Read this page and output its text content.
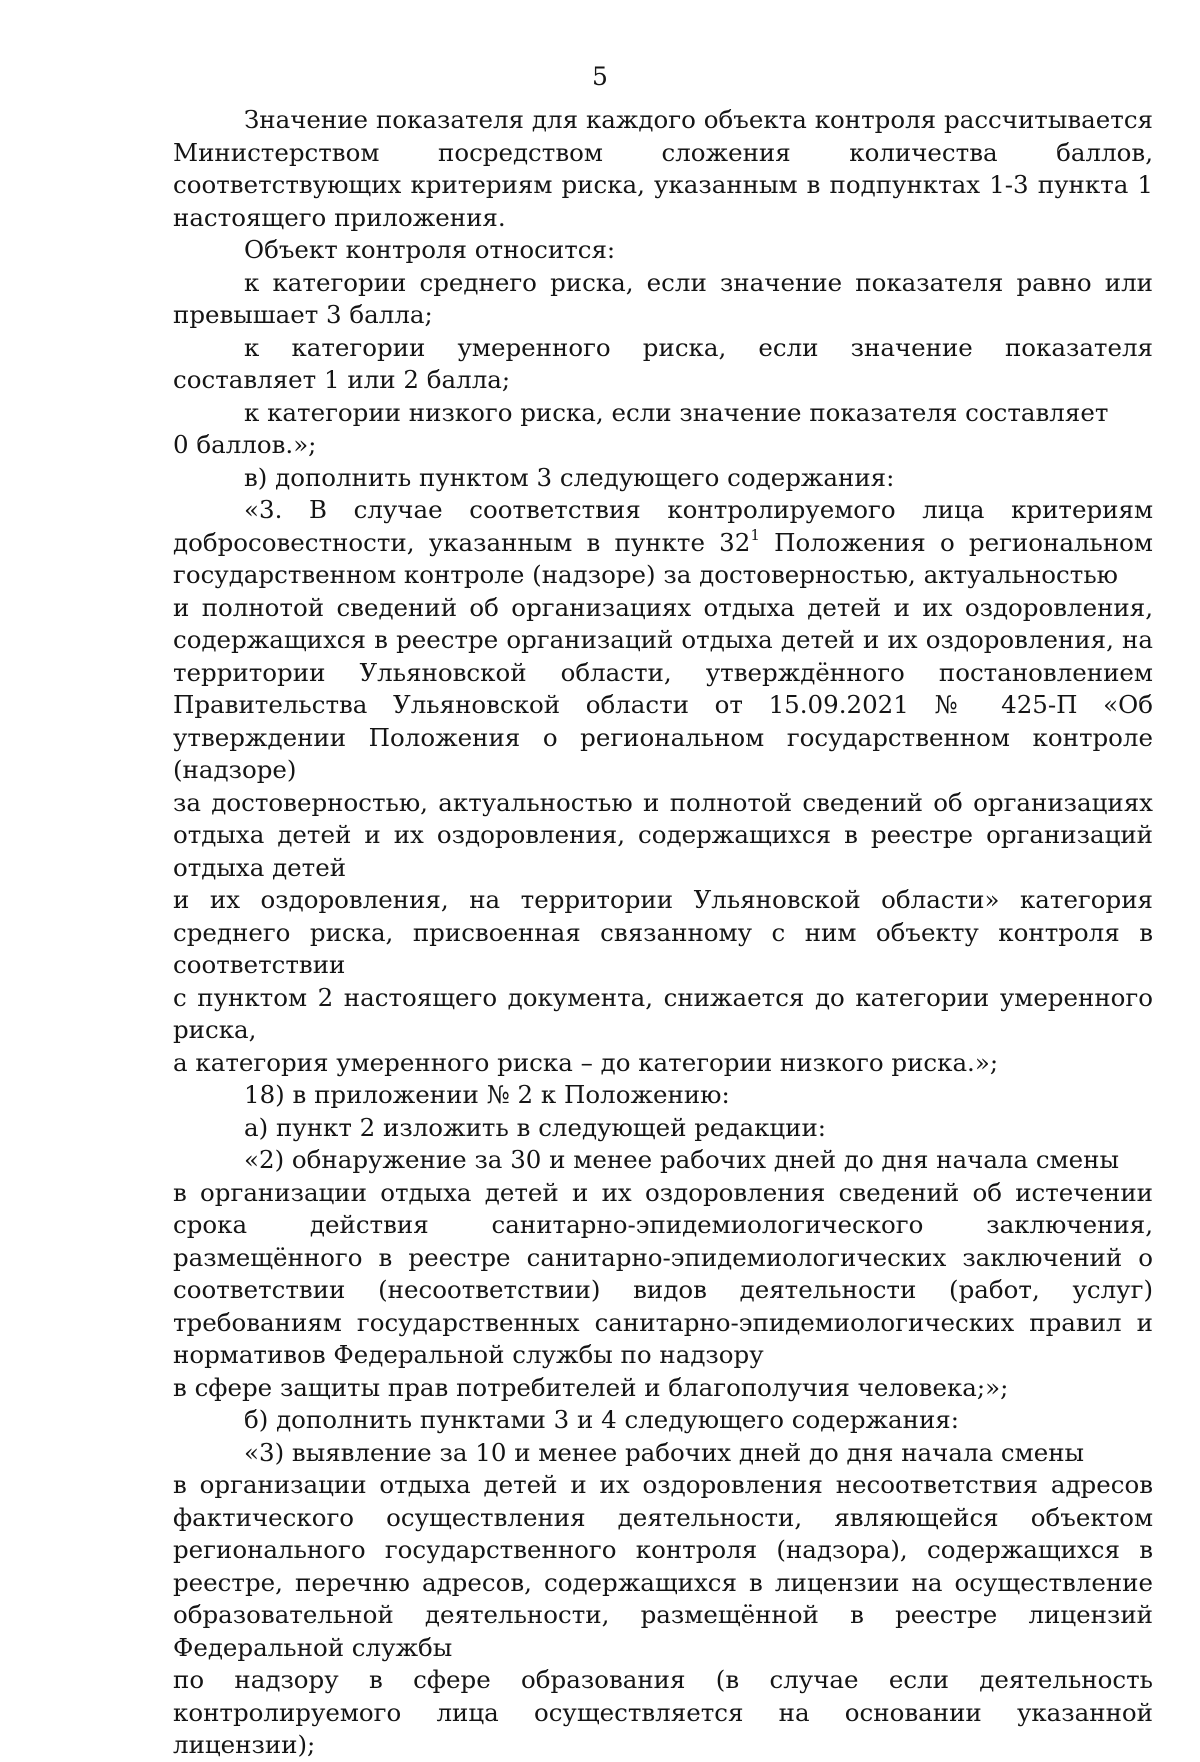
5

Значение показателя для каждого объекта контроля рассчитывается Министерством посредством сложения количества баллов, соответствующих критериям риска, указанным в подпунктах 1-3 пункта 1 настоящего приложения.

Объект контроля относится:

к категории среднего риска, если значение показателя равно или превышает 3 балла;

к категории умеренного риска, если значение показателя составляет 1 или 2 балла;

к категории низкого риска, если значение показателя составляет
0 баллов.»;

в) дополнить пунктом 3 следующего содержания:

«3. В случае соответствия контролируемого лица критериям добросовестности, указанным в пункте 32$^1$ Положения о региональном государственном контроле (надзоре) за достоверностью, актуальностью
и полнотой сведений об организациях отдыха детей и их оздоровления, содержащихся в реестре организаций отдыха детей и их оздоровления, на территории Ульяновской области, утверждённого постановлением Правительства Ульяновской области от 15.09.2021 № 425-П «Об утверждении Положения о региональном государственном контроле (надзоре)
за достоверностью, актуальностью и полнотой сведений об организациях отдыха детей и их оздоровления, содержащихся в реестре организаций отдыха детей
и их оздоровления, на территории Ульяновской области» категория среднего риска, присвоенная связанному с ним объекту контроля в соответствии
с пунктом 2 настоящего документа, снижается до категории умеренного риска,
а категория умеренного риска – до категории низкого риска.»;

18) в приложении № 2 к Положению:

а) пункт 2 изложить в следующей редакции:

«2) обнаружение за 30 и менее рабочих дней до дня начала смены
в организации отдыха детей и их оздоровления сведений об истечении срока действия санитарно-эпидемиологического заключения, размещённого в реестре санитарно-эпидемиологических заключений о соответствии (несоответствии) видов деятельности (работ, услуг) требованиям государственных санитарно-эпидемиологических правил и нормативов Федеральной службы по надзору
в сфере защиты прав потребителей и благополучия человека;»;

б) дополнить пунктами 3 и 4 следующего содержания:

«3) выявление за 10 и менее рабочих дней до дня начала смены
в организации отдыха детей и их оздоровления несоответствия адресов фактического осуществления деятельности, являющейся объектом регионального государственного контроля (надзора), содержащихся в реестре, перечню адресов, содержащихся в лицензии на осуществление образовательной деятельности, размещённой в реестре лицензий Федеральной службы
по надзору в сфере образования (в случае если деятельность контролируемого лица осуществляется на основании указанной лицензии);
